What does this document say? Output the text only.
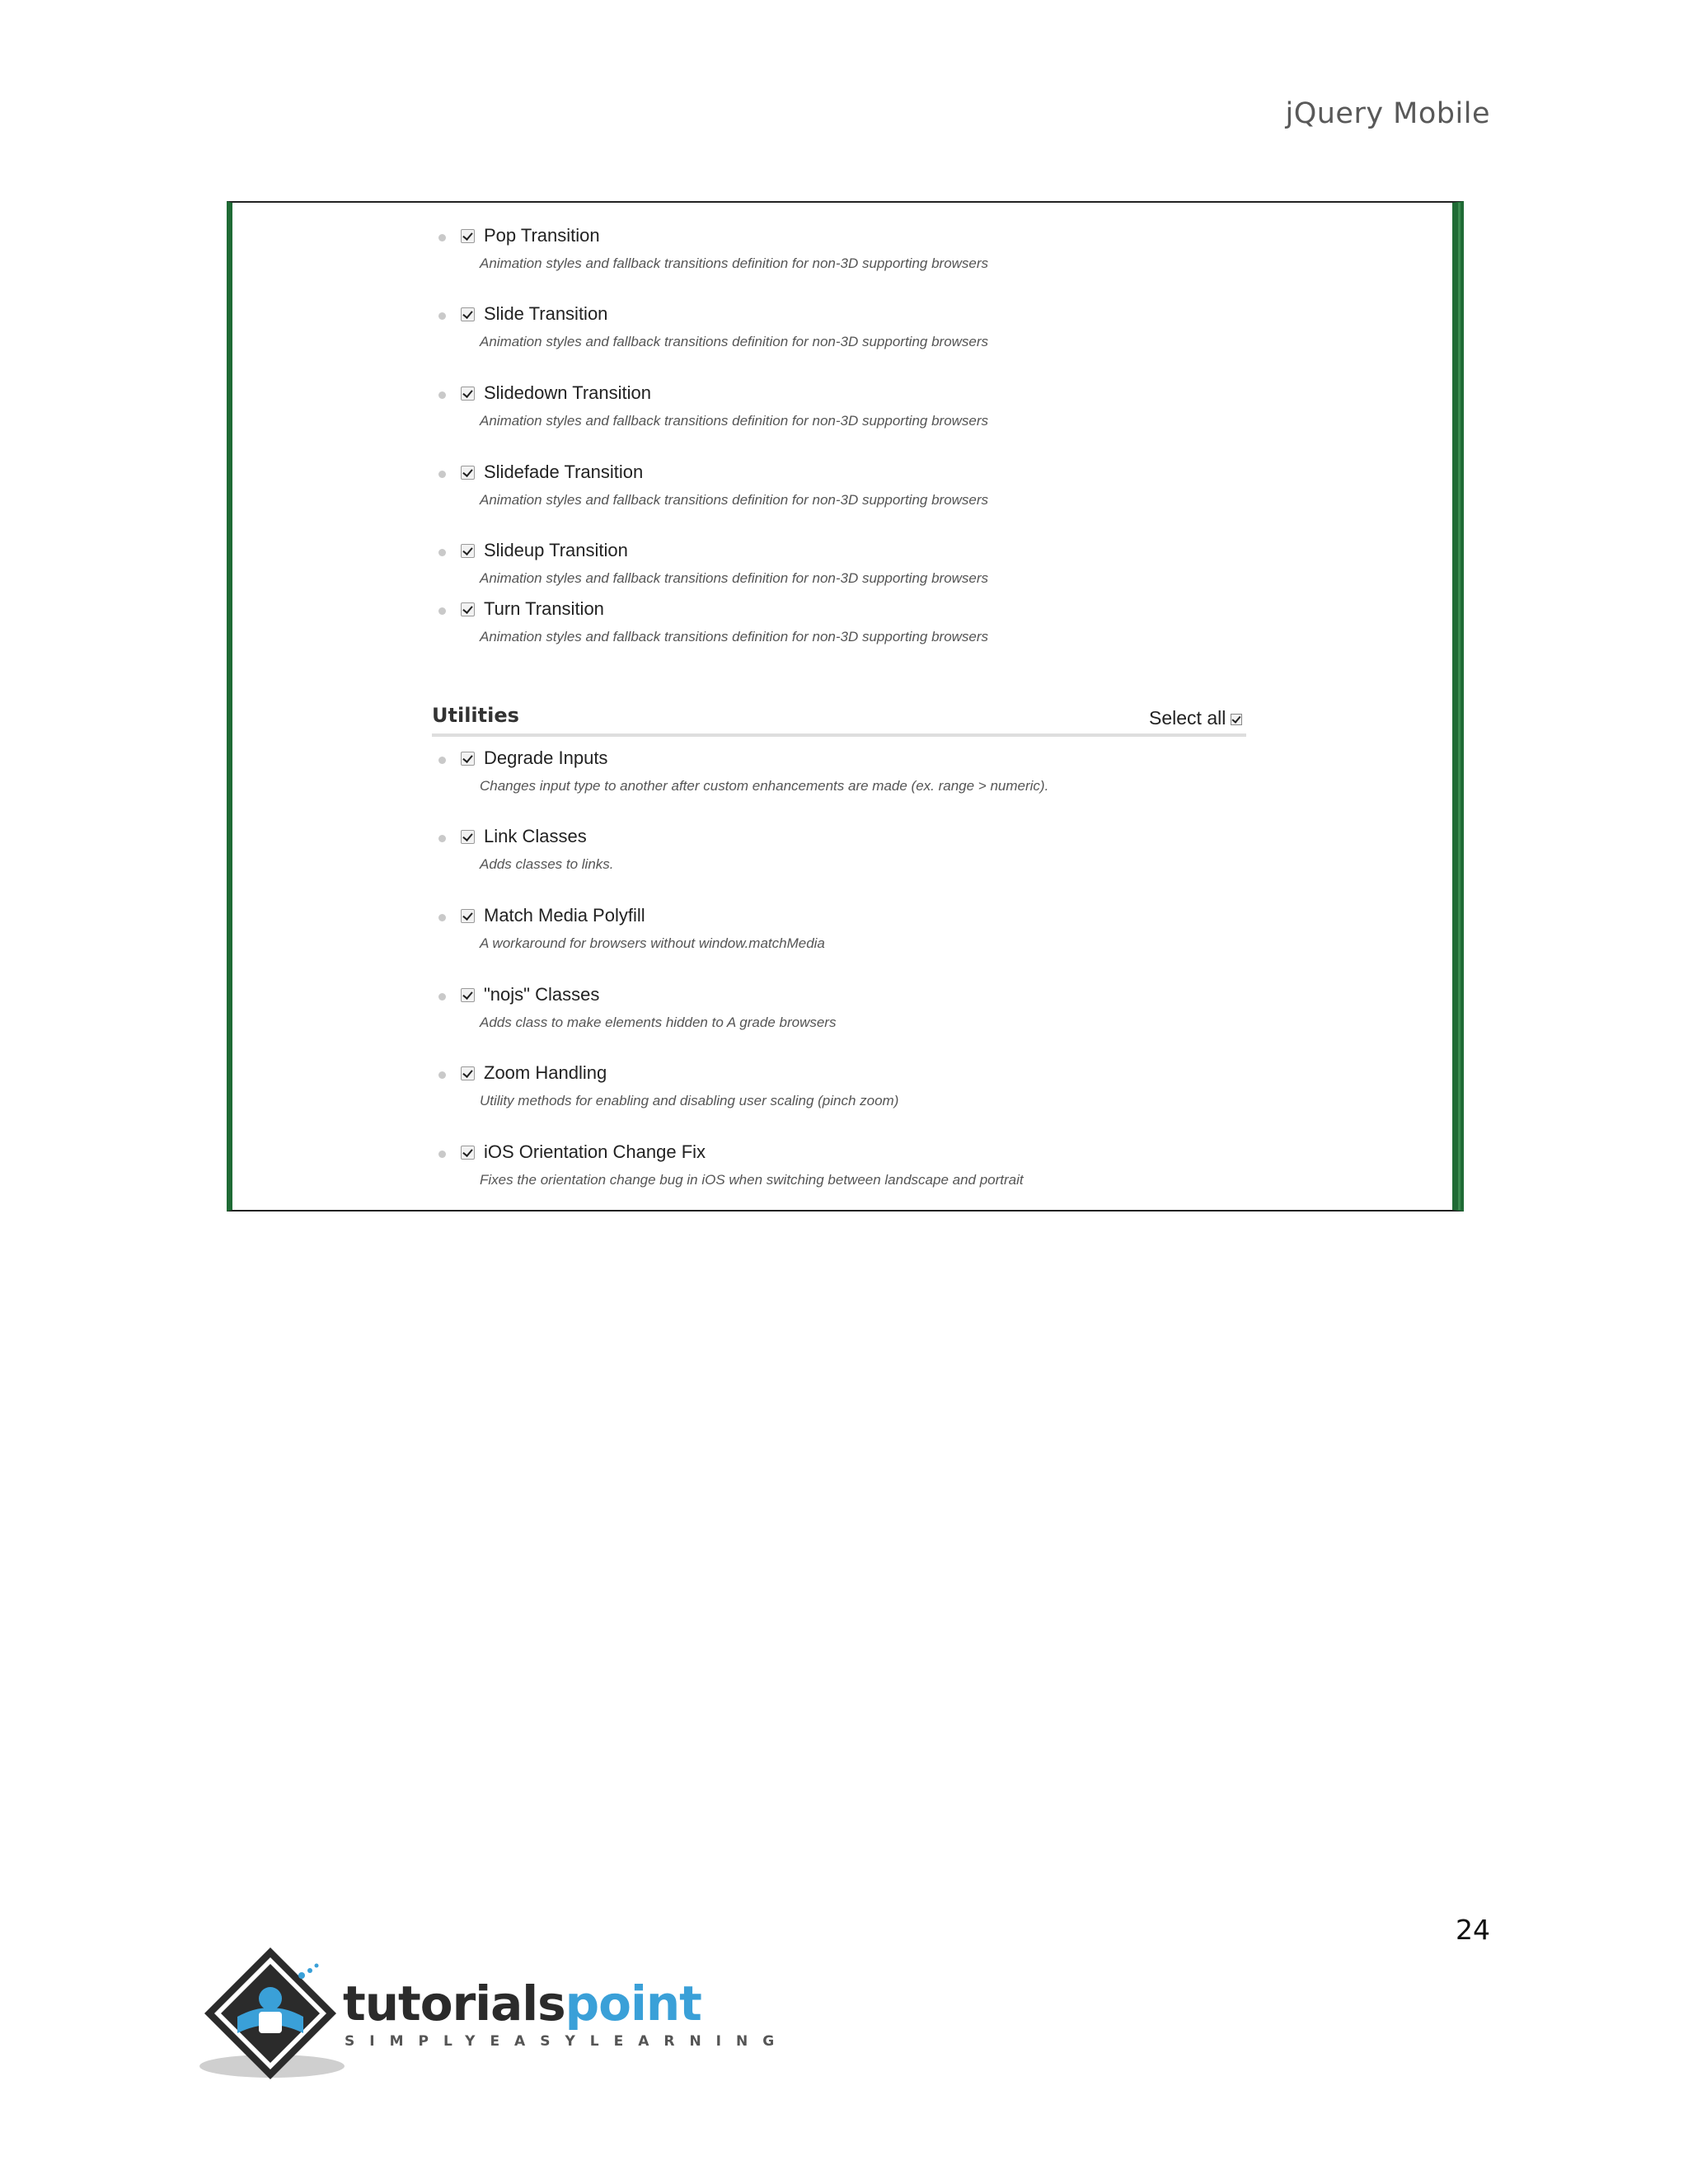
jQuery Mobile
Pop Transition
Animation styles and fallback transitions definition for non-3D supporting browsers
Slide Transition
Animation styles and fallback transitions definition for non-3D supporting browsers
Slidedown Transition
Animation styles and fallback transitions definition for non-3D supporting browsers
Slidefade Transition
Animation styles and fallback transitions definition for non-3D supporting browsers
Slideup Transition
Animation styles and fallback transitions definition for non-3D supporting browsers
Turn Transition
Animation styles and fallback transitions definition for non-3D supporting browsers
Utilities	Select all
Degrade Inputs
Changes input type to another after custom enhancements are made (ex. range > numeric).
Link Classes
Adds classes to links.
Match Media Polyfill
A workaround for browsers without window.matchMedia
"nojs" Classes
Adds class to make elements hidden to A grade browsers
Zoom Handling
Utility methods for enabling and disabling user scaling (pinch zoom)
iOS Orientation Change Fix
Fixes the orientation change bug in iOS when switching between landscape and portrait
24
tutorialspoint
SIMPLYEASYLEARNING
